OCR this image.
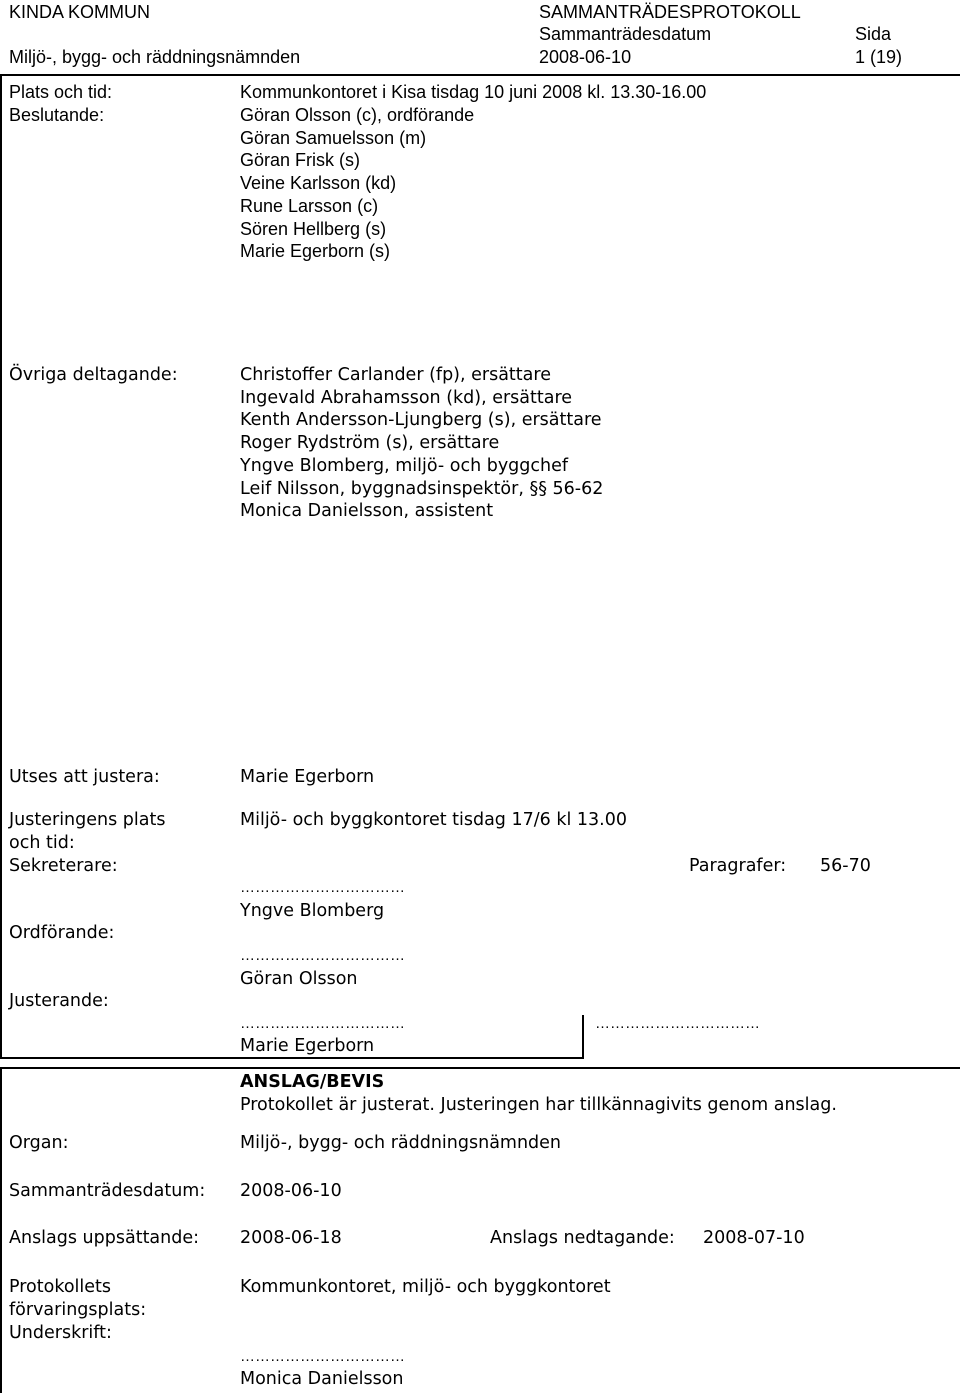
KINDA KOMMUN	SAMMANTRÄDESPROTOKOLL
Sammanträdesdatum	Sida
Miljö-, bygg- och räddningsnämnden	2008-06-10	1 (19)
Plats och tid:	Kommunkontoret i Kisa tisdag 10 juni 2008 kl. 13.30-16.00
Beslutande:	Göran Olsson (c), ordförande
Göran Samuelsson (m)
Göran Frisk (s)
Veine Karlsson (kd)
Rune Larsson (c)
Sören Hellberg (s)
Marie Egerborn (s)
Övriga deltagande:	Christoffer Carlander (fp), ersättare
Ingevald Abrahamsson (kd), ersättare
Kenth Andersson-Ljungberg (s), ersättare
Roger Rydström (s), ersättare
Yngve Blomberg, miljö- och byggchef
Leif Nilsson, byggnadsinspektör, §§ 56-62
Monica Danielsson, assistent
Utses att justera:	Marie Egerborn
Justeringens plats	Miljö- och byggkontoret tisdag 17/6 kl 13.00
och tid:
Sekreterare:	Paragrafer: 56-70
……………………………
Yngve Blomberg
Ordförande:
……………………………
Göran Olsson
Justerande:
……………………………	……………………………
Marie Egerborn
ANSLAG/BEVIS
Protokollet är justerat. Justeringen har tillkännagivits genom anslag.
Organ:	Miljö-, bygg- och räddningsnämnden
Sammanträdesdatum: 2008-06-10
Anslags uppsättande: 2008-06-18	Anslags nedtagande: 2008-07-10
Protokollets	Kommunkontoret, miljö- och byggkontoret
förvaringsplats:
Underskrift:
……………………………
Monica Danielsson
